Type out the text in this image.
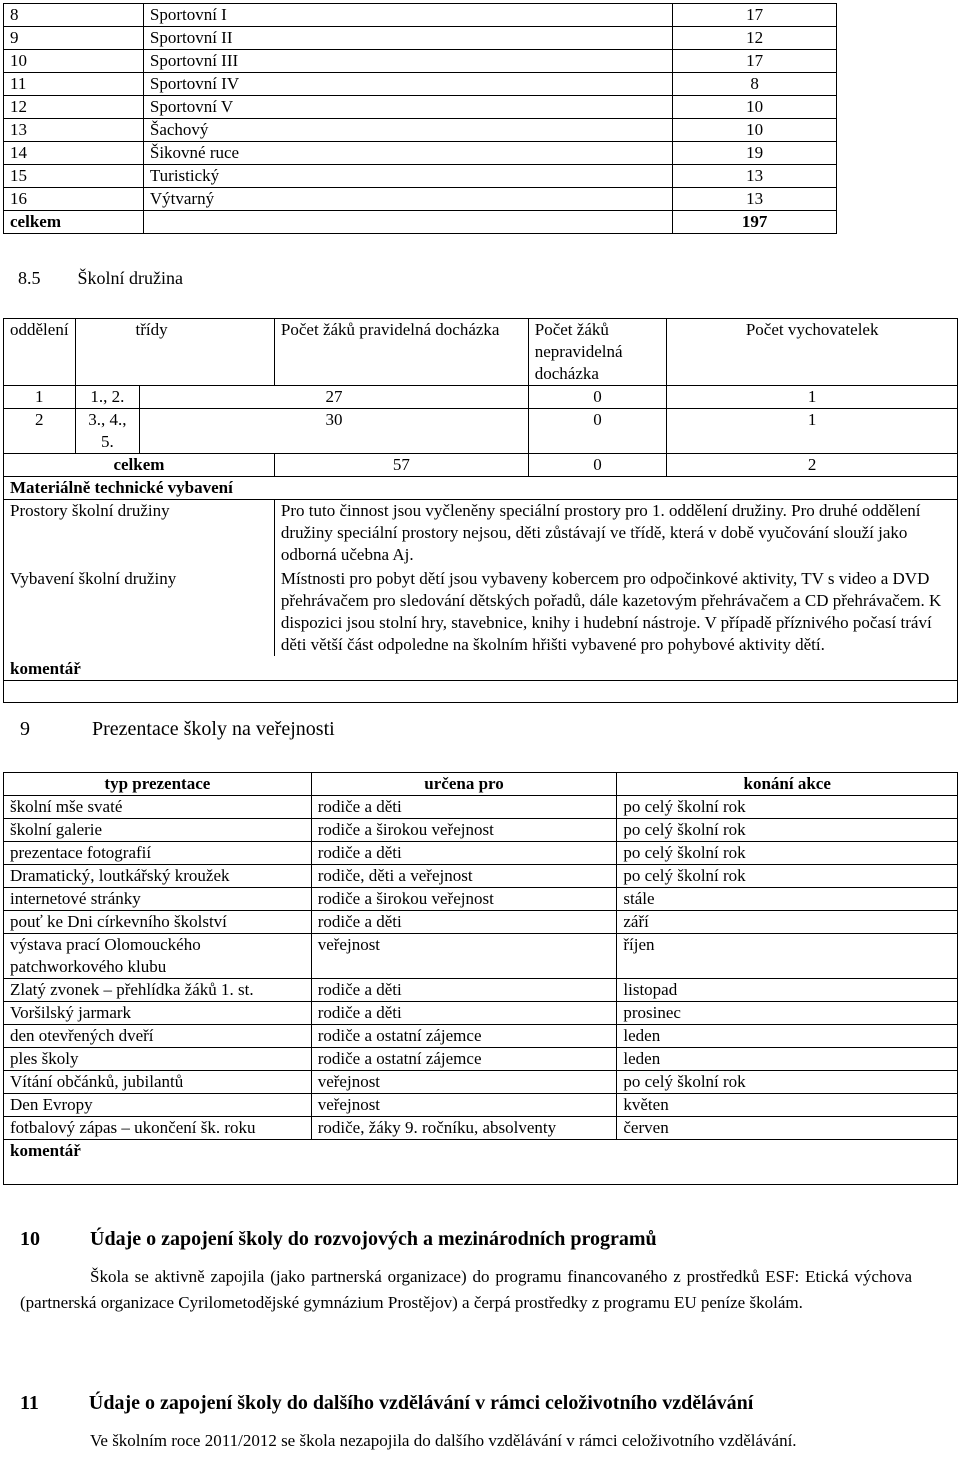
8	Sportovní I	17
9	Sportovní II	12
10	Sportovní III	17
11	Sportovní IV	8
12	Sportovní V	10
13	Šachový	10
14	Šikovné ruce	19
15	Turistický	13
16	Výtvarný	13
celkem		197
8.5 Školní družina
oddělení	třídy		Počet žáků pravidelná docházka	Počet žáků nepravidelná docházka	Počet vychovatelek
1	1., 2.	27		0	1
2	3., 4., 5.	30		0	1
celkem			57	0	2
Materiálně technické vybavení					
Prostory školní družiny			Pro tuto činnost jsou vyčleněny speciální prostory pro 1. oddělení družiny. Pro druhé oddělení družiny speciální prostory nejsou, děti zůstávají ve třídě, která v době vyučování slouží jako odborná učebna Aj.		
Vybavení školní družiny			Místnosti pro pobyt dětí jsou vybaveny kobercem pro odpočinkové aktivity, TV s video a DVD přehrávačem pro sledování dětských pořadů, dále kazetovým přehrávačem a CD přehrávačem. K dispozici jsou stolní hry, stavebnice, knihy i hudební nástroje. V případě příznivého počasí tráví děti větší část odpoledne na školním hřišti vybavené pro pohybové aktivity dětí.		
komentář					

9	Prezentace školy na veřejnosti
typ prezentace	určena pro	konání akce
školní mše svaté	rodiče a děti	po celý školní rok
školní galerie	rodiče a širokou veřejnost	po celý školní rok
prezentace fotografií	rodiče a děti	po celý školní rok
Dramatický, loutkářský kroužek	rodiče, děti a veřejnost	po celý školní rok
internetové stránky	rodiče a širokou veřejnost	stále
pouť ke Dni církevního školství	rodiče a děti	září
výstava prací Olomouckého patchworkového klubu	veřejnost	říjen
Zlatý zvonek – přehlídka žáků 1. st.	rodiče a děti	listopad
Voršilský jarmark	rodiče a děti	prosinec
den otevřených dveří	rodiče a ostatní zájemce	leden
ples školy	rodiče a ostatní zájemce	leden
Vítání občánků, jubilantů	veřejnost	po celý školní rok
Den Evropy	veřejnost	květen
fotbalový zápas – ukončení šk. roku	rodiče, žáky 9. ročníku, absolventy	červen
komentář		

10	Údaje o zapojení školy do rozvojových a mezinárodních programů
Škola se aktivně zapojila (jako partnerská organizace) do programu financovaného z prostředků ESF: Etická výchova (partnerská organizace Cyrilometodějské gymnázium Prostějov) a čerpá prostředky z programu EU peníze školám.
11	Údaje o zapojení školy do dalšího vzdělávání v rámci celoživotního vzdělávání
Ve školním roce 2011/2012 se škola nezapojila do dalšího vzdělávání v rámci celoživotního vzdělávání.
